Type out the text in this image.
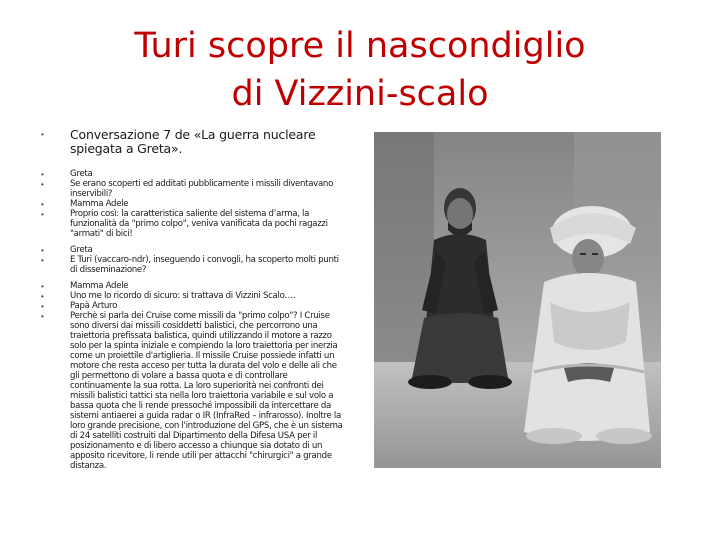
Turi scopre il nascondiglio
di Vizzini-scalo
•	Conversazione 7 de «La guerra nucleare spiegata a Greta».
•	Greta
•	Se erano scoperti ed additati pubblicamente i missili diventavano
inservibili?
•	Mamma Adele
•	Proprio così: la caratteristica saliente del sistema d’arma, la
funzionalità da "primo colpo", veniva vanificata da pochi ragazzi
"armati" di bici!
•	Greta
•	E Turi (vaccaro-ndr), inseguendo i convogli, ha scoperto molti punti
di disseminazione?
•	Mamma Adele
•	Uno me lo ricordo di sicuro: si trattava di Vizzini Scalo….
•	Papà Arturo
•	Perchè si parla dei Cruise come missili da "primo colpo"? I Cruise
sono diversi dai missili cosiddetti balistici, che percorrono una
traiettoria prefissata balistica, quindi utilizzando il motore a razzo
solo per la spinta iniziale e compiendo la loro traiettoria per inerzia
come un proiettile d'artiglieria. Il missile Cruise possiede infatti un
motore che resta acceso per tutta la durata del volo e delle ali che
gli permettono di volare a bassa quota e di controllare
continuamente la sua rotta. La loro superiorità nei confronti dei
missili balistici tattici sta nella loro traiettoria variabile e sul volo a
bassa quota che li rende pressoché impossibili da intercettare da
sistemi antiaerei a guida radar o IR (InfraRed – infrarosso). Inoltre la
loro grande precisione, con l'introduzione del GPS, che è un sistema
di 24 satelliti costruiti dal Dipartimento della Difesa USA per il
posizionamento e di libero accesso a chiunque sia dotato di un
apposito ricevitore, li rende utili per attacchi "chirurgici" a grande
distanza.
